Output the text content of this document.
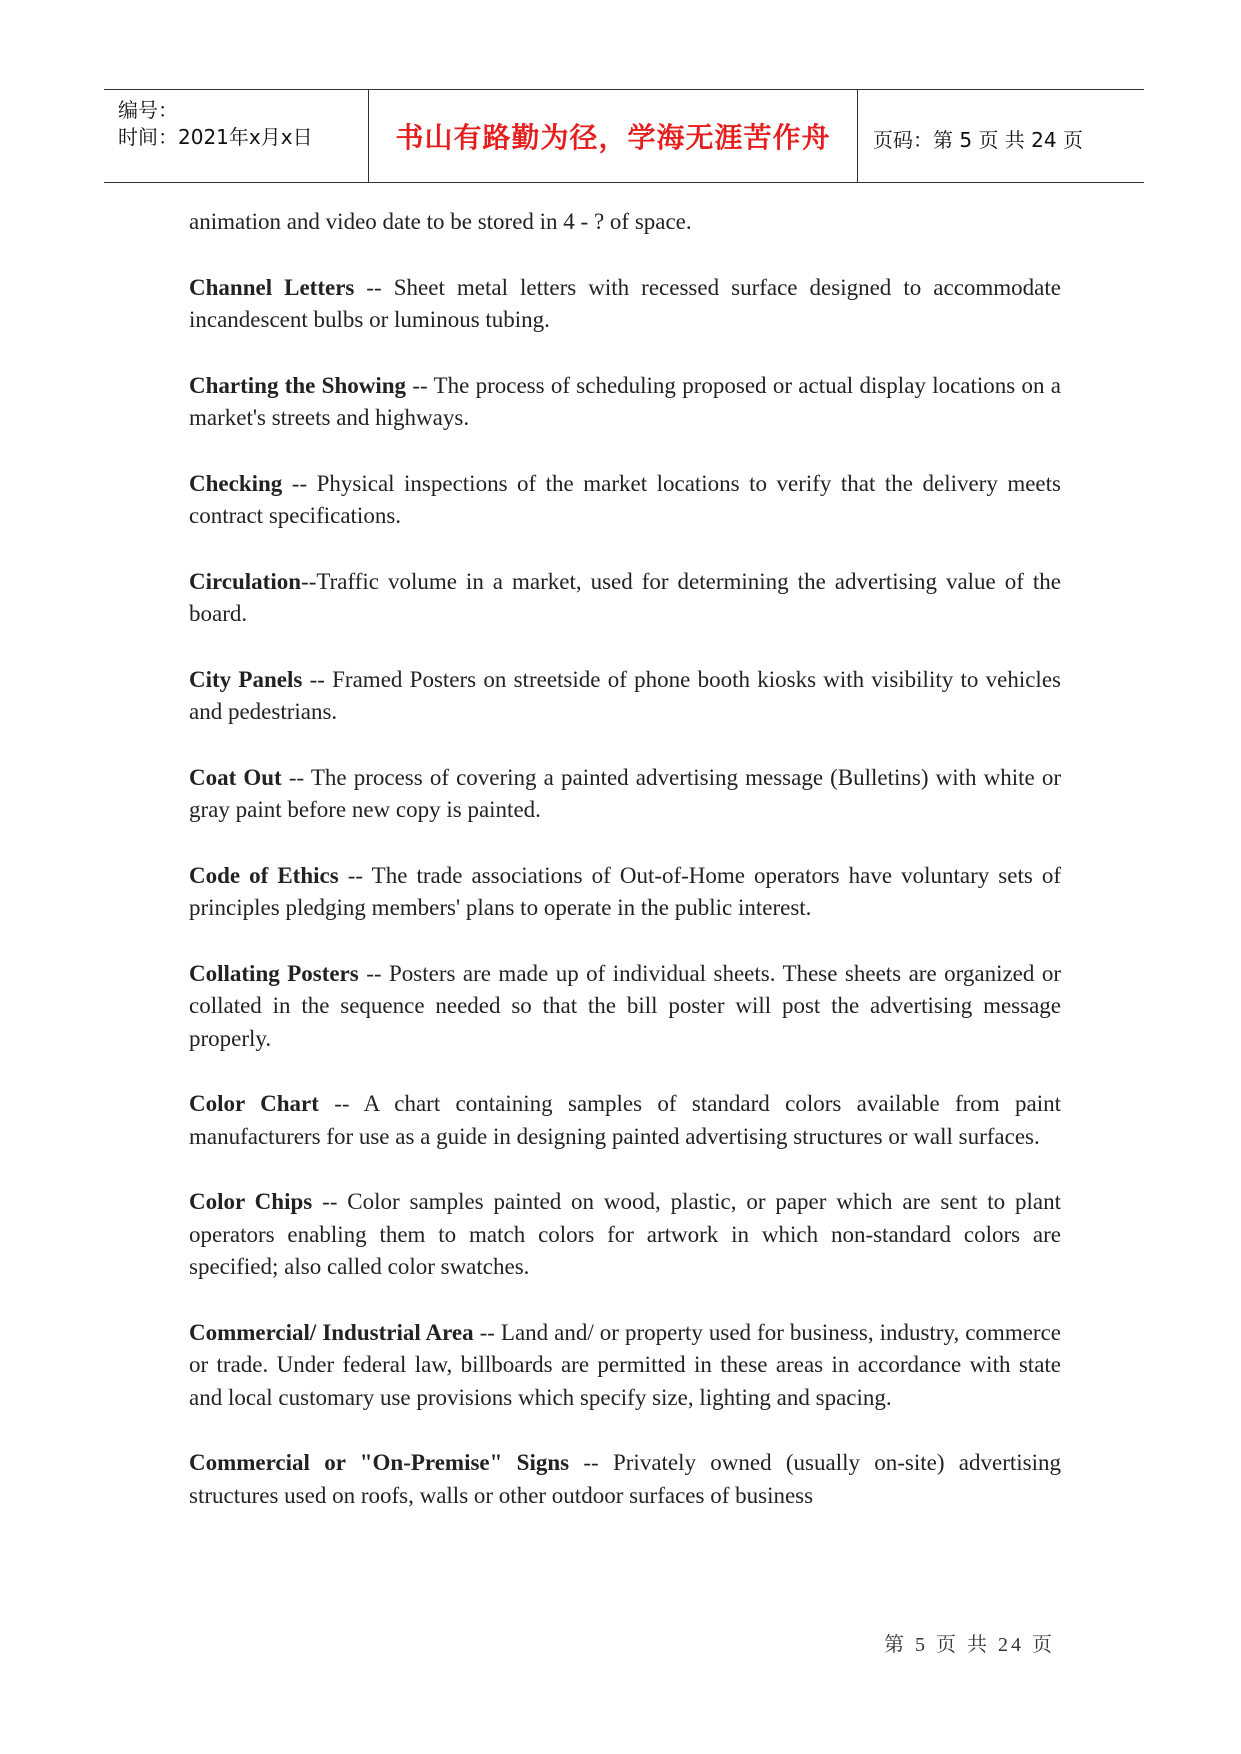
编号：
时间：2021年x月x日	书山有路勤为径，学海无涯苦作舟	页码：第 5 页 共 24 页

animation and video date to be stored in 4 - ? of space.

Channel Letters -- Sheet metal letters with recessed surface designed to accommodate incandescent bulbs or luminous tubing.

Charting the Showing -- The process of scheduling proposed or actual display locations on a market's streets and highways.

Checking -- Physical inspections of the market locations to verify that the delivery meets contract specifications.

Circulation--Traffic volume in a market, used for determining the advertising value of the board.

City Panels -- Framed Posters on streetside of phone booth kiosks with visibility to vehicles and pedestrians.

Coat Out -- The process of covering a painted advertising message (Bulletins) with white or gray paint before new copy is painted.

Code of Ethics -- The trade associations of Out-of-Home operators have voluntary sets of principles pledging members' plans to operate in the public interest.

Collating Posters -- Posters are made up of individual sheets. These sheets are organized or collated in the sequence needed so that the bill poster will post the advertising message properly.

Color Chart -- A chart containing samples of standard colors available from paint manufacturers for use as a guide in designing painted advertising structures or wall surfaces.

Color Chips -- Color samples painted on wood, plastic, or paper which are sent to plant operators enabling them to match colors for artwork in which non-standard colors are specified; also called color swatches.

Commercial/ Industrial Area -- Land and/ or property used for business, industry, commerce or trade. Under federal law, billboards are permitted in these areas in accordance with state and local customary use provisions which specify size, lighting and spacing.

Commercial or "On-Premise" Signs -- Privately owned (usually on-site) advertising structures used on roofs, walls or other outdoor surfaces of business

第 5 页 共 24 页
